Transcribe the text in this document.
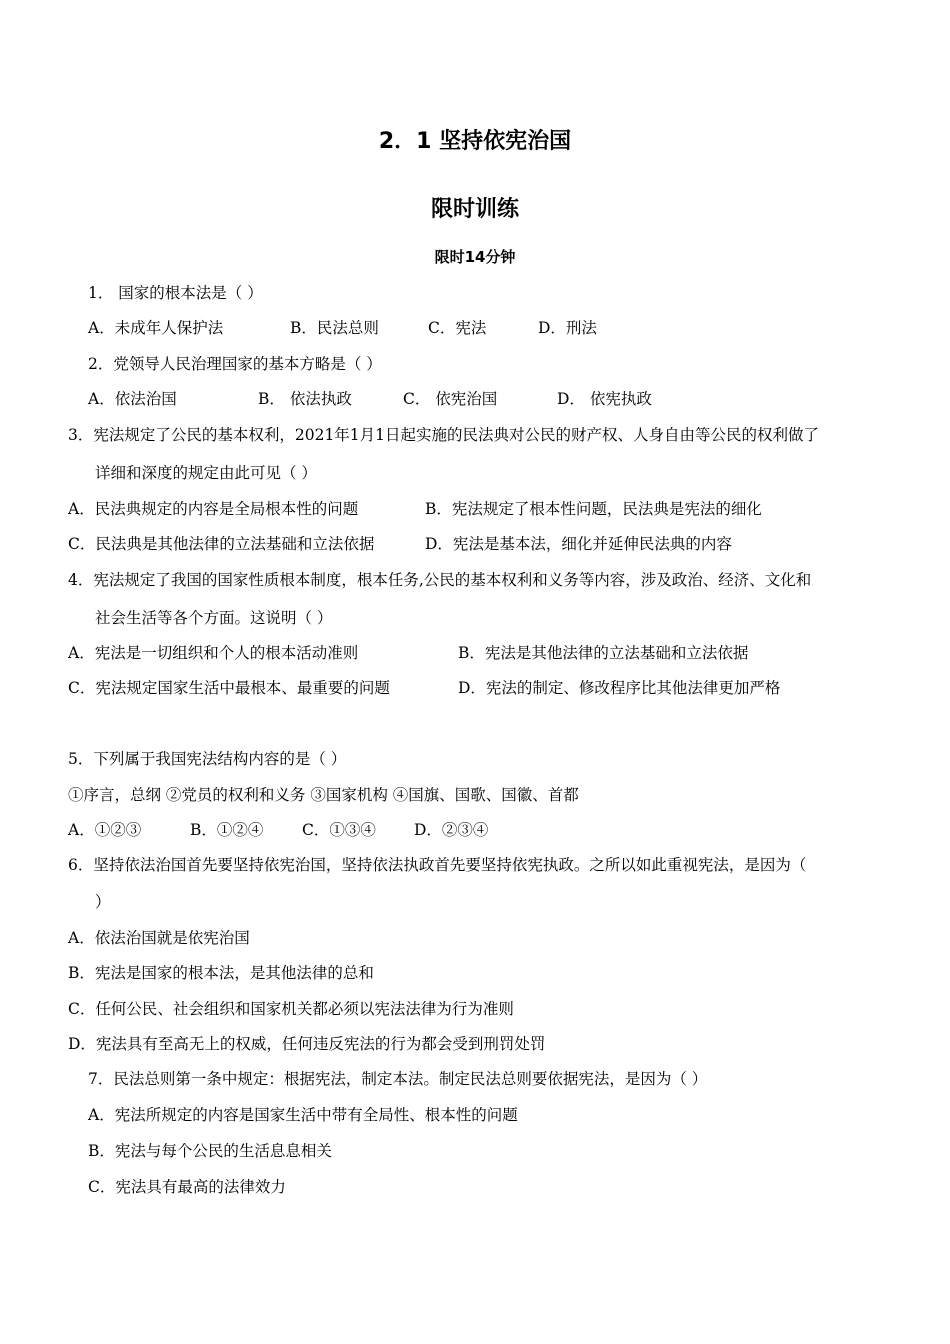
2．1 坚持依宪治国
限时训练
限时14分钟
1． 国家的根本法是（ ）
A．未成年人保护法	B．民法总则	C．宪法	D．刑法
2．党领导人民治理国家的基本方略是（ ）
A．依法治国	B． 依法执政	C． 依宪治国	D． 依宪执政
3．宪法规定了公民的基本权利，2021年1月1日起实施的民法典对公民的财产权、人身自由等公民的权利做了
详细和深度的规定由此可见（ ）
A．民法典规定的内容是全局根本性的问题	B．宪法规定了根本性问题，民法典是宪法的细化
C．民法典是其他法律的立法基础和立法依据	D．宪法是基本法，细化并延伸民法典的内容
4．宪法规定了我国的国家性质根本制度，根本任务,公民的基本权利和义务等内容，涉及政治、经济、文化和
社会生活等各个方面。这说明（ ）
A．宪法是一切组织和个人的根本活动准则	B．宪法是其他法律的立法基础和立法依据
C．宪法规定国家生活中最根本、最重要的问题	D．宪法的制定、修改程序比其他法律更加严格
5．下列属于我国宪法结构内容的是（ ）
①序言，总纲 ②党员的权利和义务 ③国家机构 ④国旗、国歌、国徽、首都
A．①②③	B．①②④ C．①③④ D．②③④
6．坚持依法治国首先要坚持依宪治国，坚持依法执政首先要坚持依宪执政。之所以如此重视宪法，是因为（
）
A．依法治国就是依宪治国
B．宪法是国家的根本法，是其他法律的总和
C．任何公民、社会组织和国家机关都必须以宪法法律为行为准则
D．宪法具有至高无上的权威，任何违反宪法的行为都会受到刑罚处罚
7．民法总则第一条中规定：根据宪法，制定本法。制定民法总则要依据宪法，是因为（ ）
A．宪法所规定的内容是国家生活中带有全局性、根本性的问题
B．宪法与每个公民的生活息息相关
C．宪法具有最高的法律效力
